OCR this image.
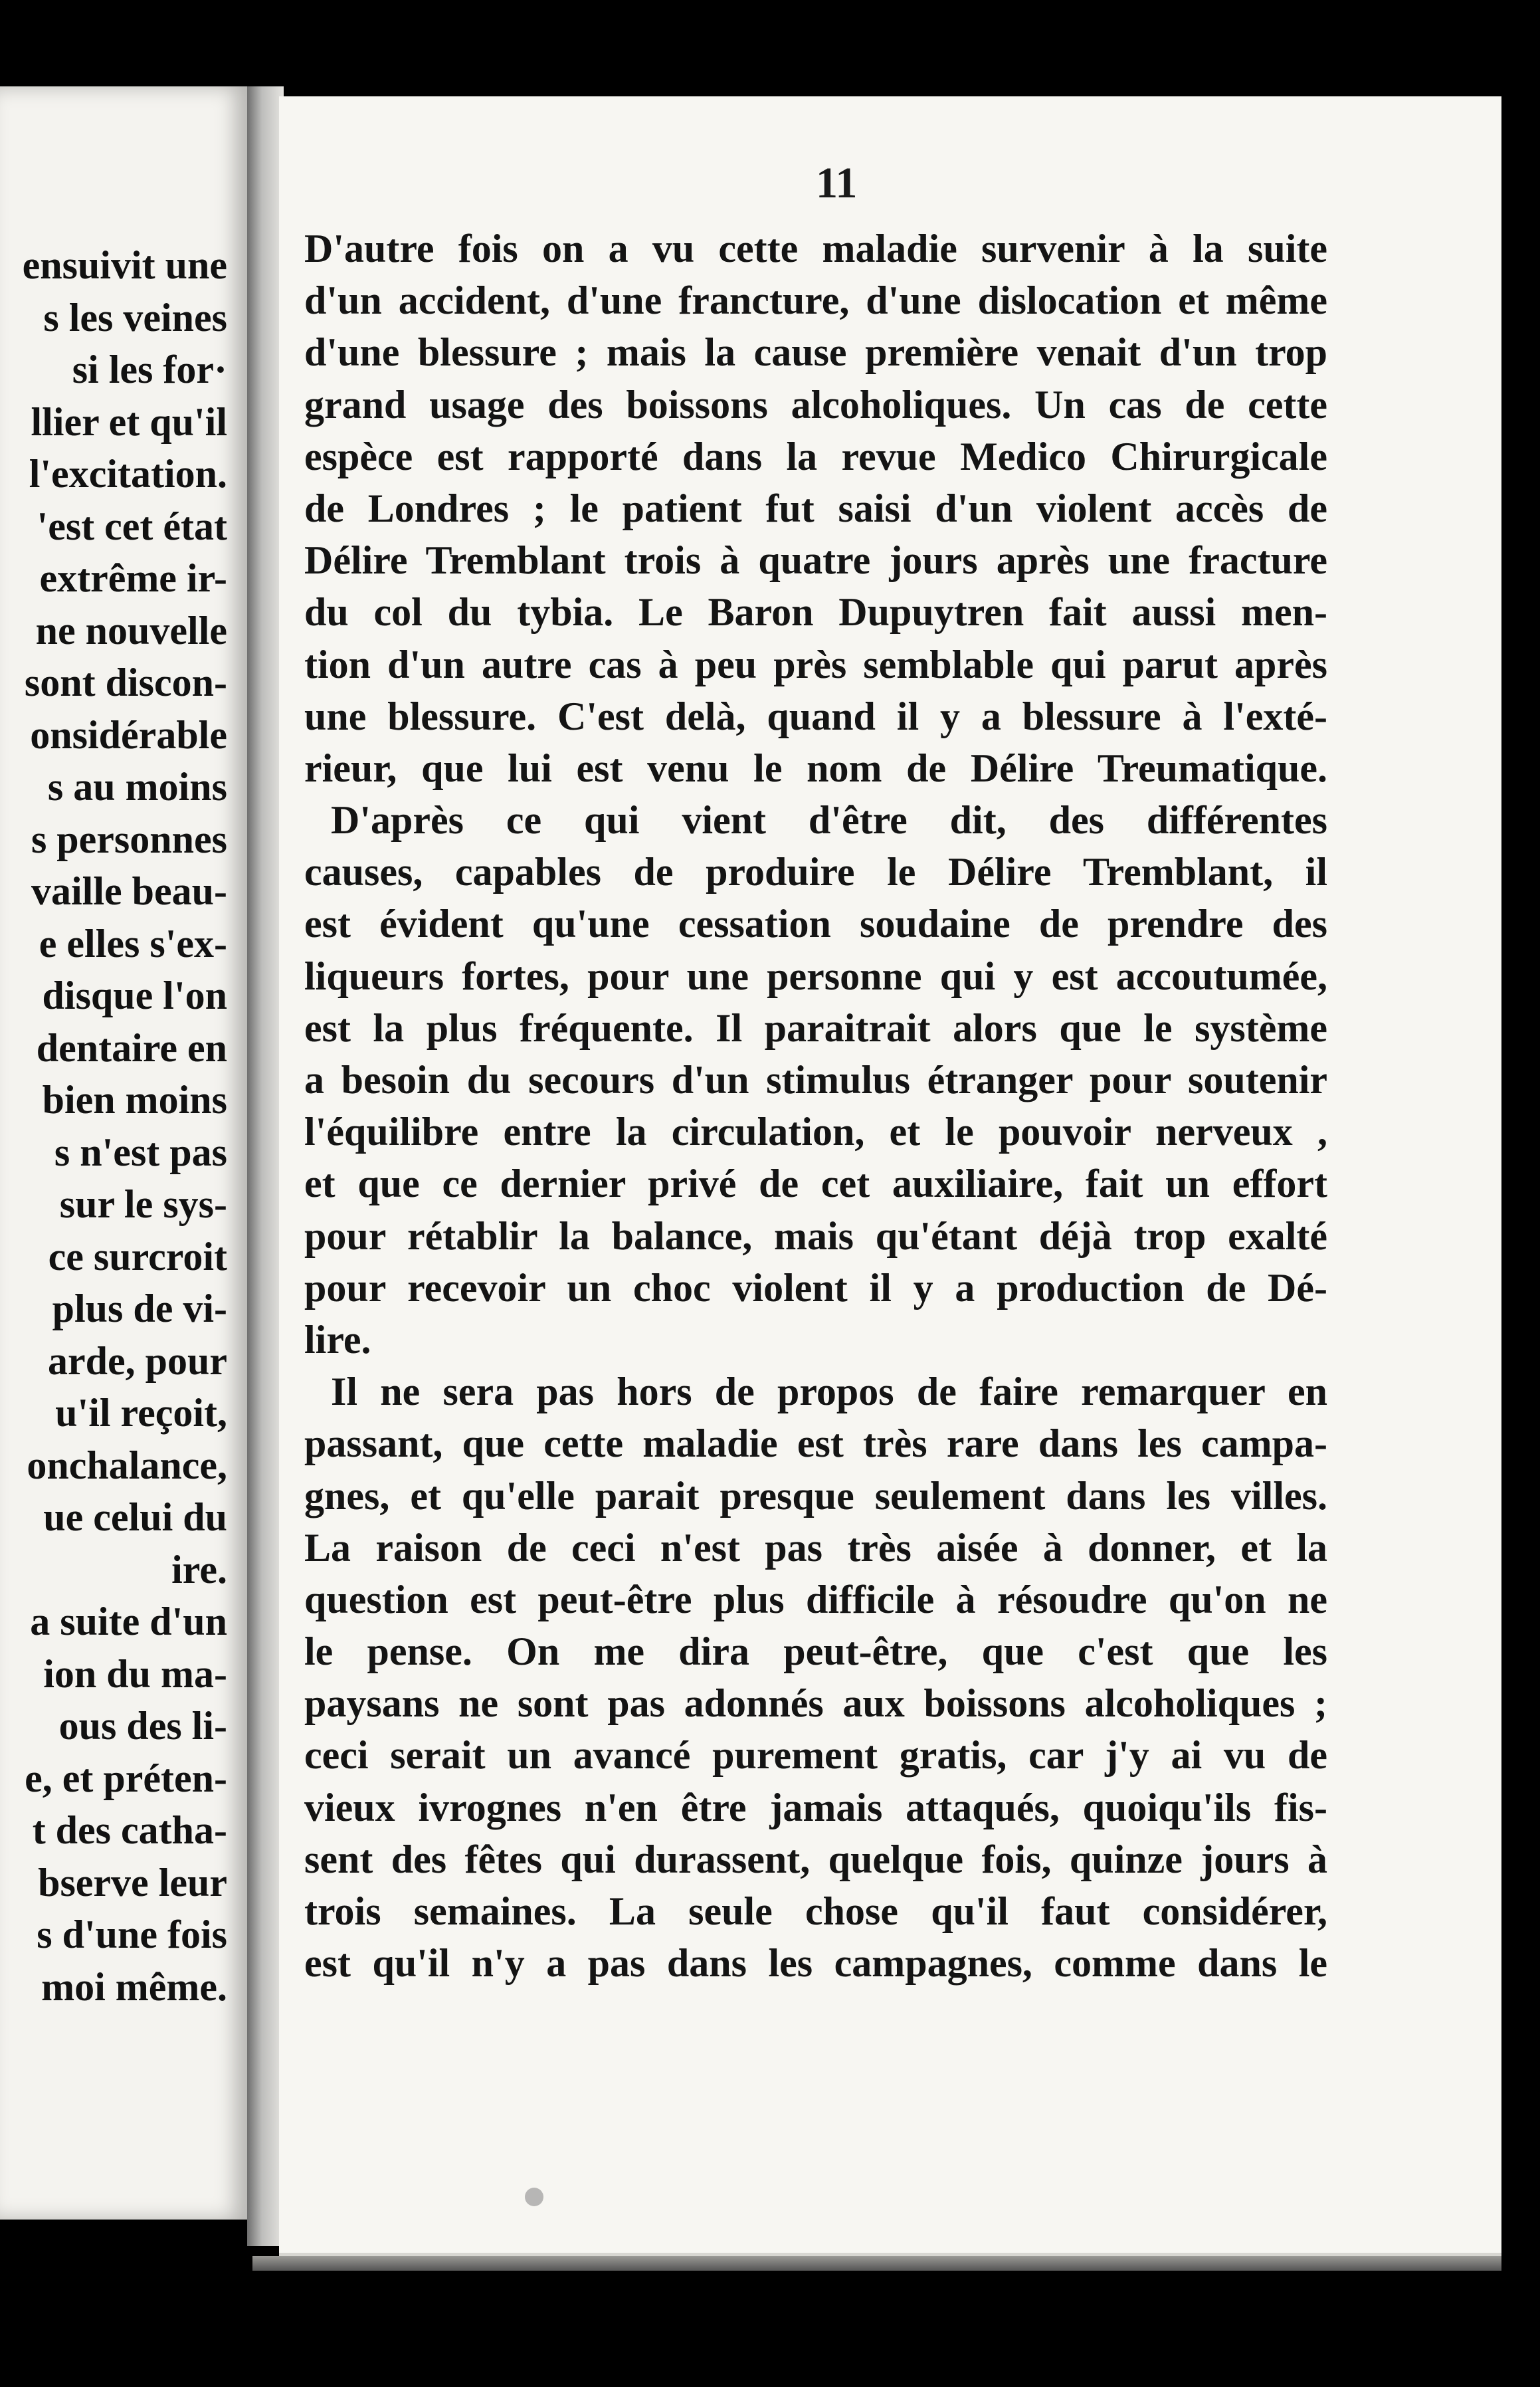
ensuivit une
s les veines
si les for·
llier et qu'il
l'excitation.
'est cet état
extrême ir-
ne nouvelle
sont discon-
onsidérable
s au moins
s personnes
vaille beau-
e elles s'ex-
disque l'on
dentaire en
bien moins
s n'est pas
sur le sys-
ce surcroit
plus de vi-
arde, pour
u'il reçoit,
onchalance,
ue celui du
ire.
a suite d'un
ion du ma-
ous des li-
e, et préten-
t des catha-
bserve leur
s d'une fois
moi même.
11
D'autre fois on a vu cette maladie survenir à la suite
d'un accident, d'une francture, d'une dislocation et même
d'une blessure ; mais la cause première venait d'un trop
grand usage des boissons alcoholiques. Un cas de cette
espèce est rapporté dans la revue Medico Chirurgicale
de Londres ; le patient fut saisi d'un violent accès de
Délire Tremblant trois à quatre jours après une fracture
du col du tybia. Le Baron Dupuytren fait aussi men-
tion d'un autre cas à peu près semblable qui parut après
une blessure. C'est delà, quand il y a blessure à l'exté-
rieur, que lui est venu le nom de Délire Treumatique.
D'après ce qui vient d'être dit, des différentes
causes, capables de produire le Délire Tremblant, il
est évident qu'une cessation soudaine de prendre des
liqueurs fortes, pour une personne qui y est accoutumée,
est la plus fréquente. Il paraitrait alors que le système
a besoin du secours d'un stimulus étranger pour soutenir
l'équilibre entre la circulation, et le pouvoir nerveux ,
et que ce dernier privé de cet auxiliaire, fait un effort
pour rétablir la balance, mais qu'étant déjà trop exalté
pour recevoir un choc violent il y a production de Dé-
lire.
Il ne sera pas hors de propos de faire remarquer en
passant, que cette maladie est très rare dans les campa-
gnes, et qu'elle parait presque seulement dans les villes.
La raison de ceci n'est pas très aisée à donner, et la
question est peut-être plus difficile à résoudre qu'on ne
le pense. On me dira peut-être, que c'est que les
paysans ne sont pas adonnés aux boissons alcoholiques ;
ceci serait un avancé purement gratis, car j'y ai vu de
vieux ivrognes n'en être jamais attaqués, quoiqu'ils fis-
sent des fêtes qui durassent, quelque fois, quinze jours à
trois semaines. La seule chose qu'il faut considérer,
est qu'il n'y a pas dans les campagnes, comme dans le
